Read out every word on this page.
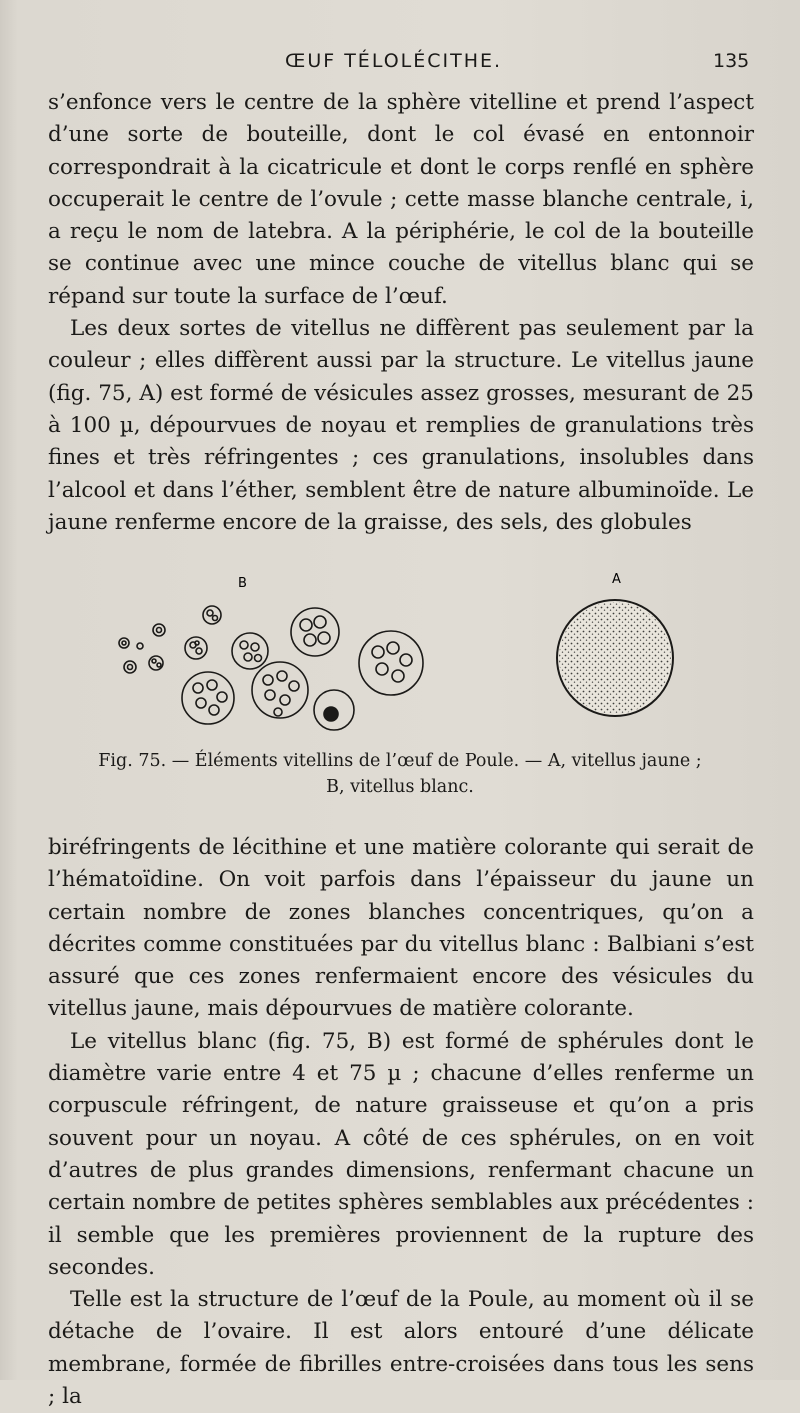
ŒUF TÉLOLÉCITHE.	135

s’enfonce vers le centre de la sphère vitelline et prend l’aspect d’une sorte de bouteille, dont le col évasé en entonnoir correspondrait à la cicatricule et dont le corps renflé en sphère occuperait le centre de l’ovule ; cette masse blanche centrale, i, a reçu le nom de latebra. A la périphérie, le col de la bouteille se continue avec une mince couche de vitellus blanc qui se répand sur toute la surface de l’œuf.

Les deux sortes de vitellus ne diffèrent pas seulement par la couleur ; elles diffèrent aussi par la structure. Le vitellus jaune (fig. 75, A) est formé de vésicules assez grosses, mesurant de 25 à 100 µ, dépourvues de noyau et remplies de granulations très fines et très réfringentes ; ces granulations, insolubles dans l’alcool et dans l’éther, semblent être de nature albuminoïde. Le jaune renferme encore de la graisse, des sels, des globules

B	A
Fig. 75. — Éléments vitellins de l’œuf de Poule. — A, vitellus jaune ;
B, vitellus blanc.

biréfringents de lécithine et une matière colorante qui serait de l’hématoïdine. On voit parfois dans l’épaisseur du jaune un certain nombre de zones blanches concentriques, qu’on a décrites comme constituées par du vitellus blanc : Balbiani s’est assuré que ces zones renfermaient encore des vésicules du vitellus jaune, mais dépourvues de matière colorante.

Le vitellus blanc (fig. 75, B) est formé de sphérules dont le diamètre varie entre 4 et 75 µ ; chacune d’elles renferme un corpuscule réfringent, de nature graisseuse et qu’on a pris souvent pour un noyau. A côté de ces sphérules, on en voit d’autres de plus grandes dimensions, renfermant chacune un certain nombre de petites sphères semblables aux précédentes : il semble que les premières proviennent de la rupture des secondes.

Telle est la structure de l’œuf de la Poule, au moment où il se détache de l’ovaire. Il est alors entouré d’une délicate membrane, formée de fibrilles entre-croisées dans tous les sens ; la
